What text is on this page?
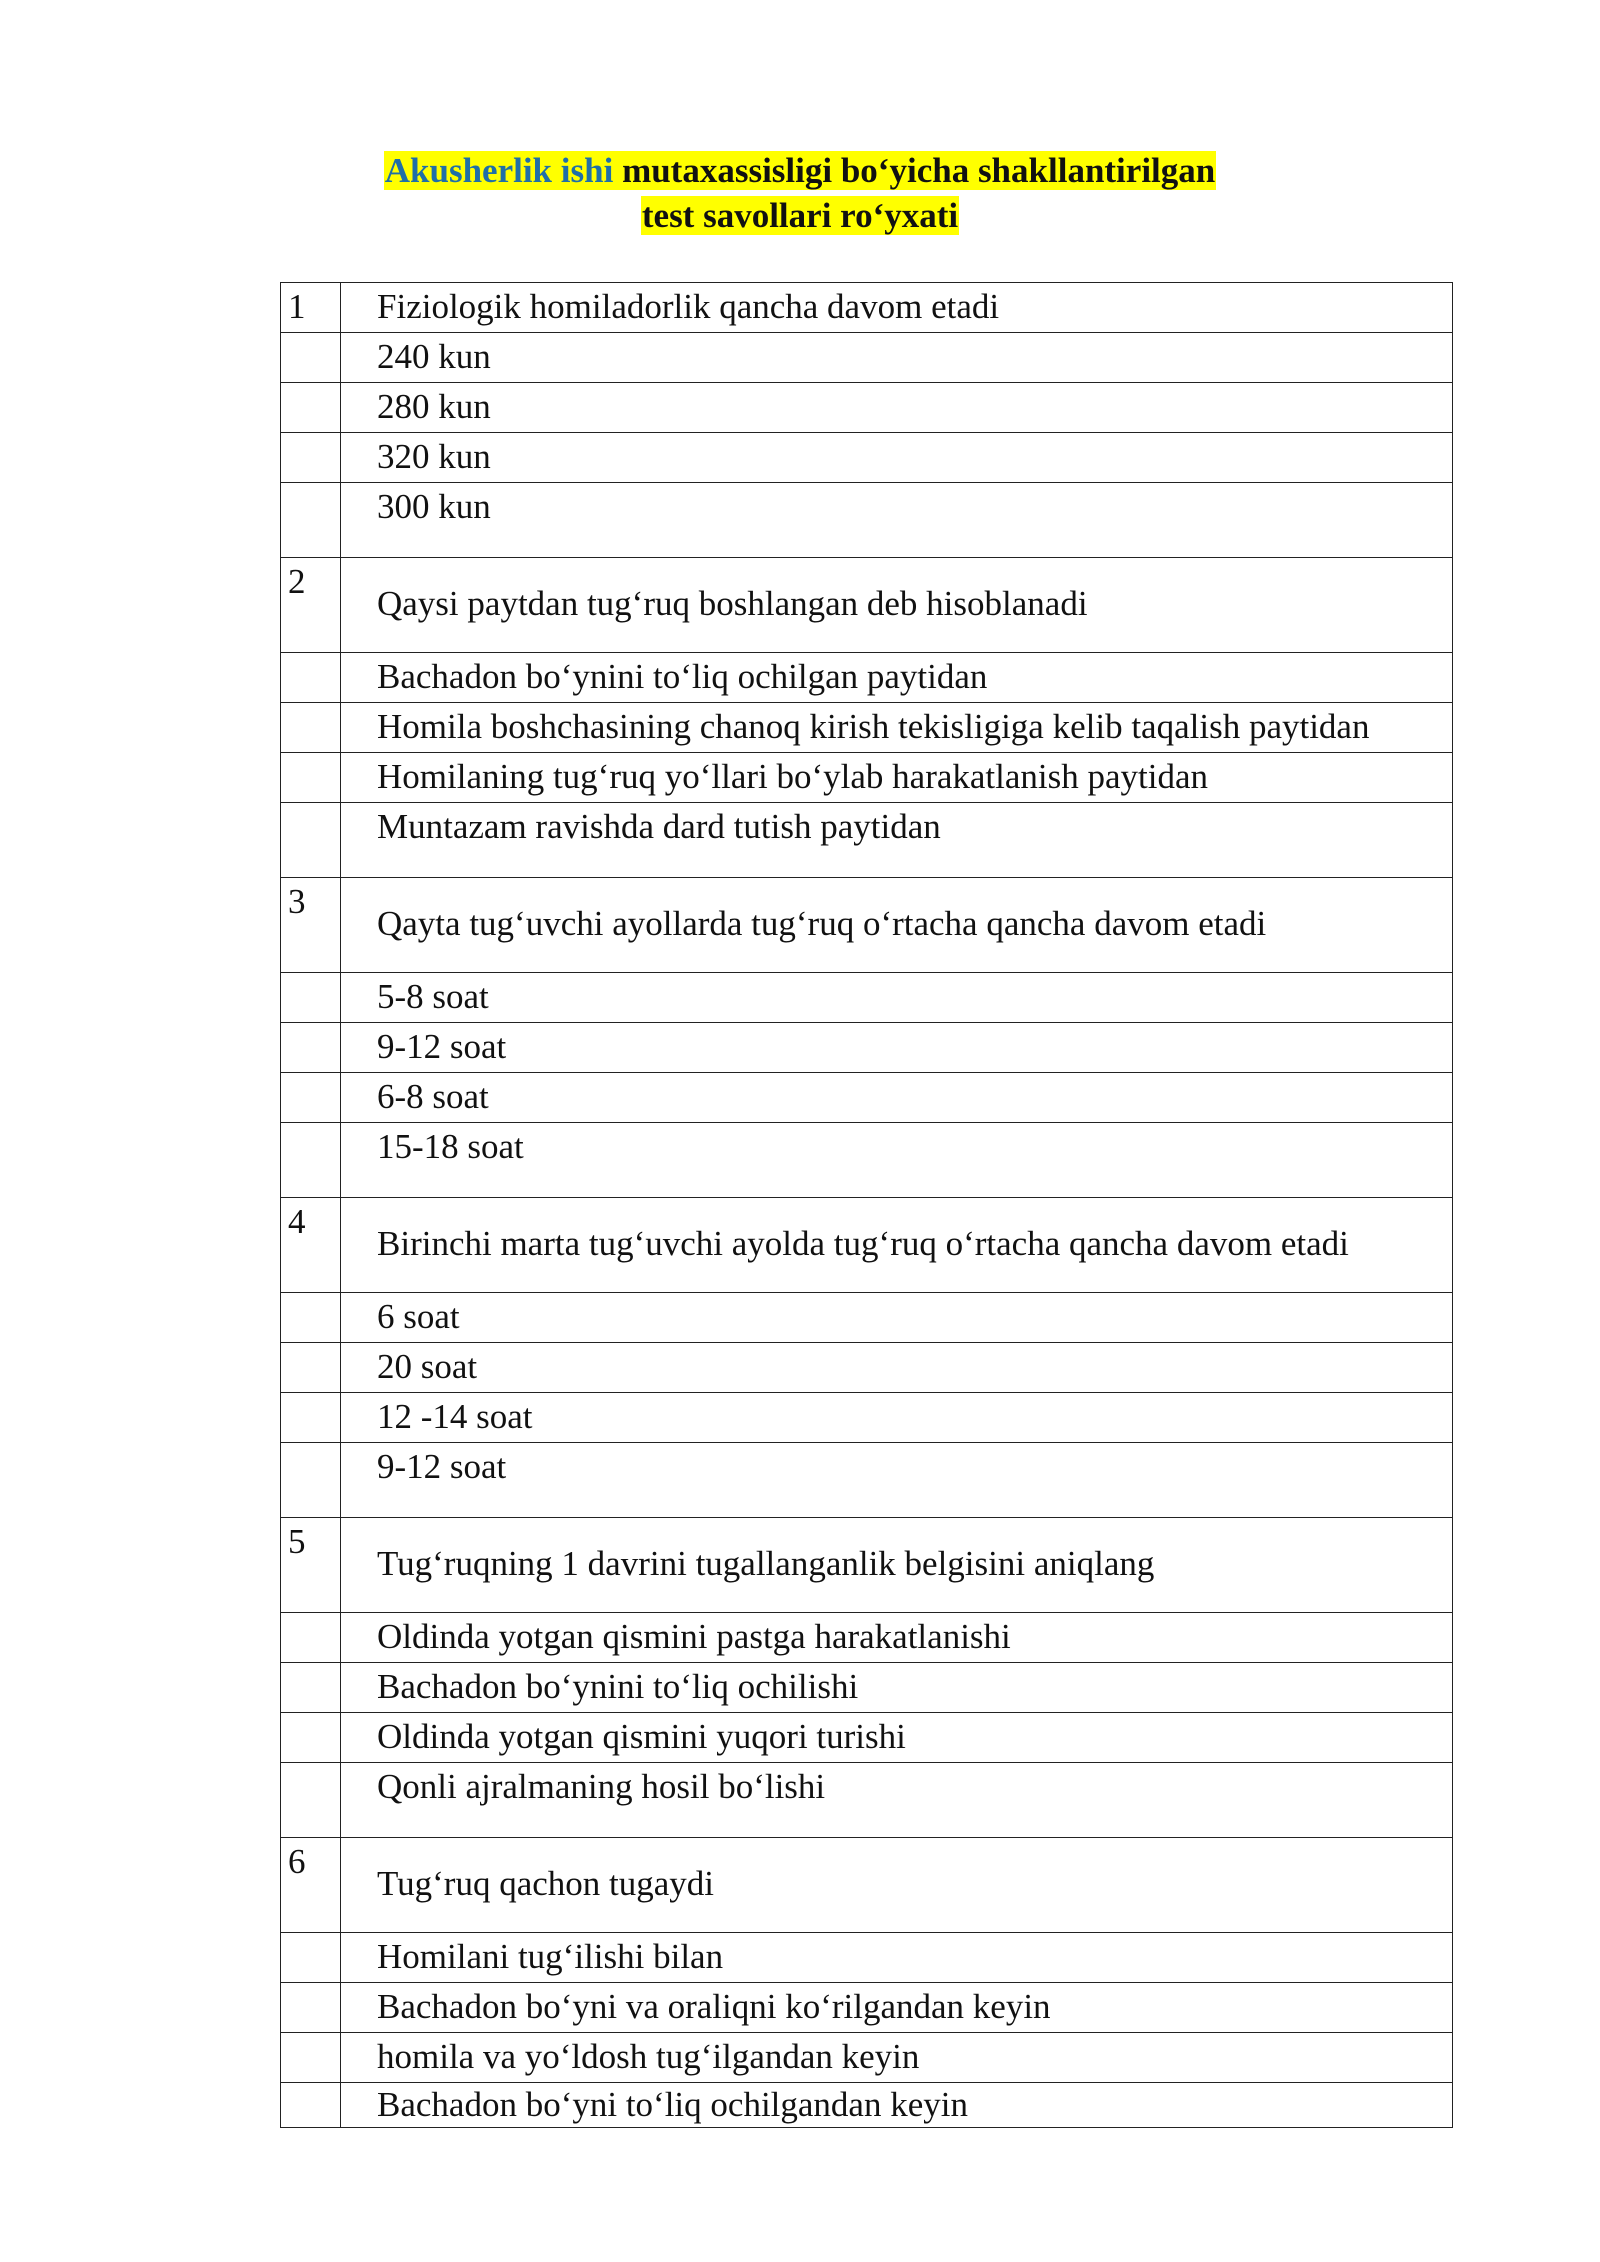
Akusherlik ishi mutaxassisligi bo‘yicha shakllantirilgan
test savollari ro‘yxati
1	Fiziologik homiladorlik qancha davom etadi
	240 kun
	280 kun
	320 kun
	300 kun
2	Qaysi paytdan tug‘ruq boshlangan deb hisoblanadi
	Bachadon bo‘ynini to‘liq ochilgan paytidan
	Homila boshchasining chanoq kirish tekisligiga kelib taqalish paytidan
	Homilaning tug‘ruq yo‘llari bo‘ylab harakatlanish paytidan
	Muntazam ravishda dard tutish paytidan
3	Qayta tug‘uvchi ayollarda tug‘ruq o‘rtacha qancha davom etadi
	5-8 soat
	9-12 soat
	6-8 soat
	15-18 soat
4	Birinchi marta tug‘uvchi ayolda tug‘ruq o‘rtacha qancha davom etadi
	6 soat
	20 soat
	12 -14 soat
	9-12 soat
5	Tug‘ruqning 1 davrini tugallanganlik belgisini aniqlang
	Oldinda yotgan qismini pastga harakatlanishi
	Bachadon bo‘ynini to‘liq ochilishi
	Oldinda yotgan qismini yuqori turishi
	Qonli ajralmaning hosil bo‘lishi
6	Tug‘ruq qachon tugaydi
	Homilani tug‘ilishi bilan
	Bachadon bo‘yni va oraliqni ko‘rilgandan keyin
	homila va yo‘ldosh tug‘ilgandan keyin
	Bachadon bo‘yni to‘liq ochilgandan keyin
